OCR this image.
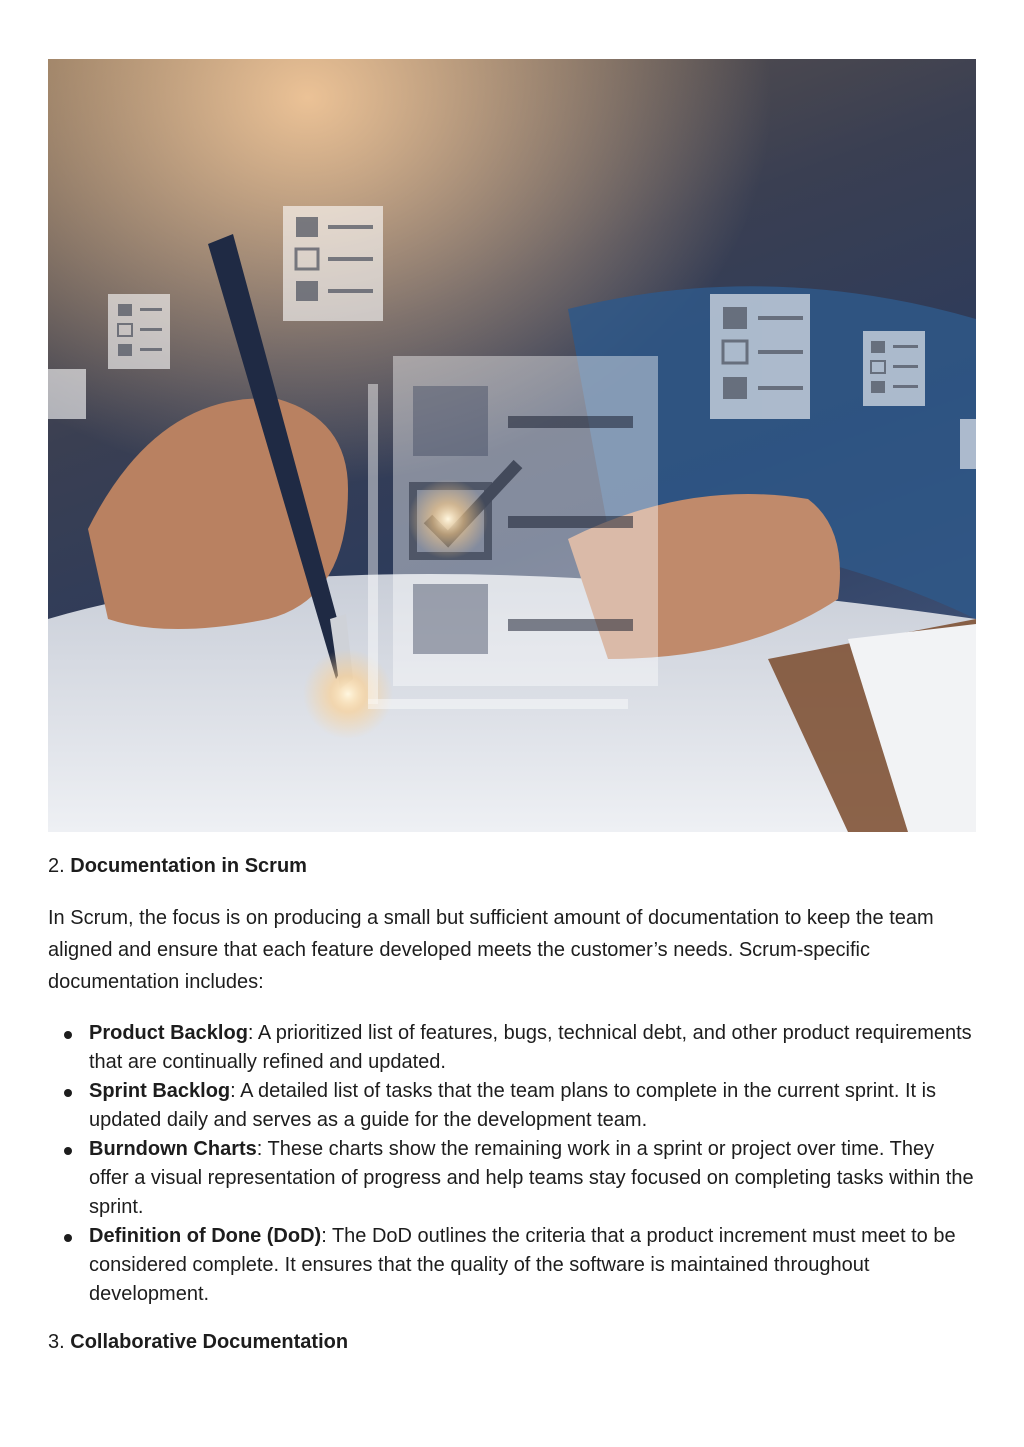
2. Documentation in Scrum

In Scrum, the focus is on producing a small but sufficient amount of documentation to keep the team aligned and ensure that each feature developed meets the customer’s needs. Scrum-specific documentation includes:

Product Backlog: A prioritized list of features, bugs, technical debt, and other product requirements that are continually refined and updated.
Sprint Backlog: A detailed list of tasks that the team plans to complete in the current sprint. It is updated daily and serves as a guide for the development team.
Burndown Charts: These charts show the remaining work in a sprint or project over time. They offer a visual representation of progress and help teams stay focused on completing tasks within the sprint.
Definition of Done (DoD): The DoD outlines the criteria that a product increment must meet to be considered complete. It ensures that the quality of the software is maintained throughout development.

3. Collaborative Documentation
